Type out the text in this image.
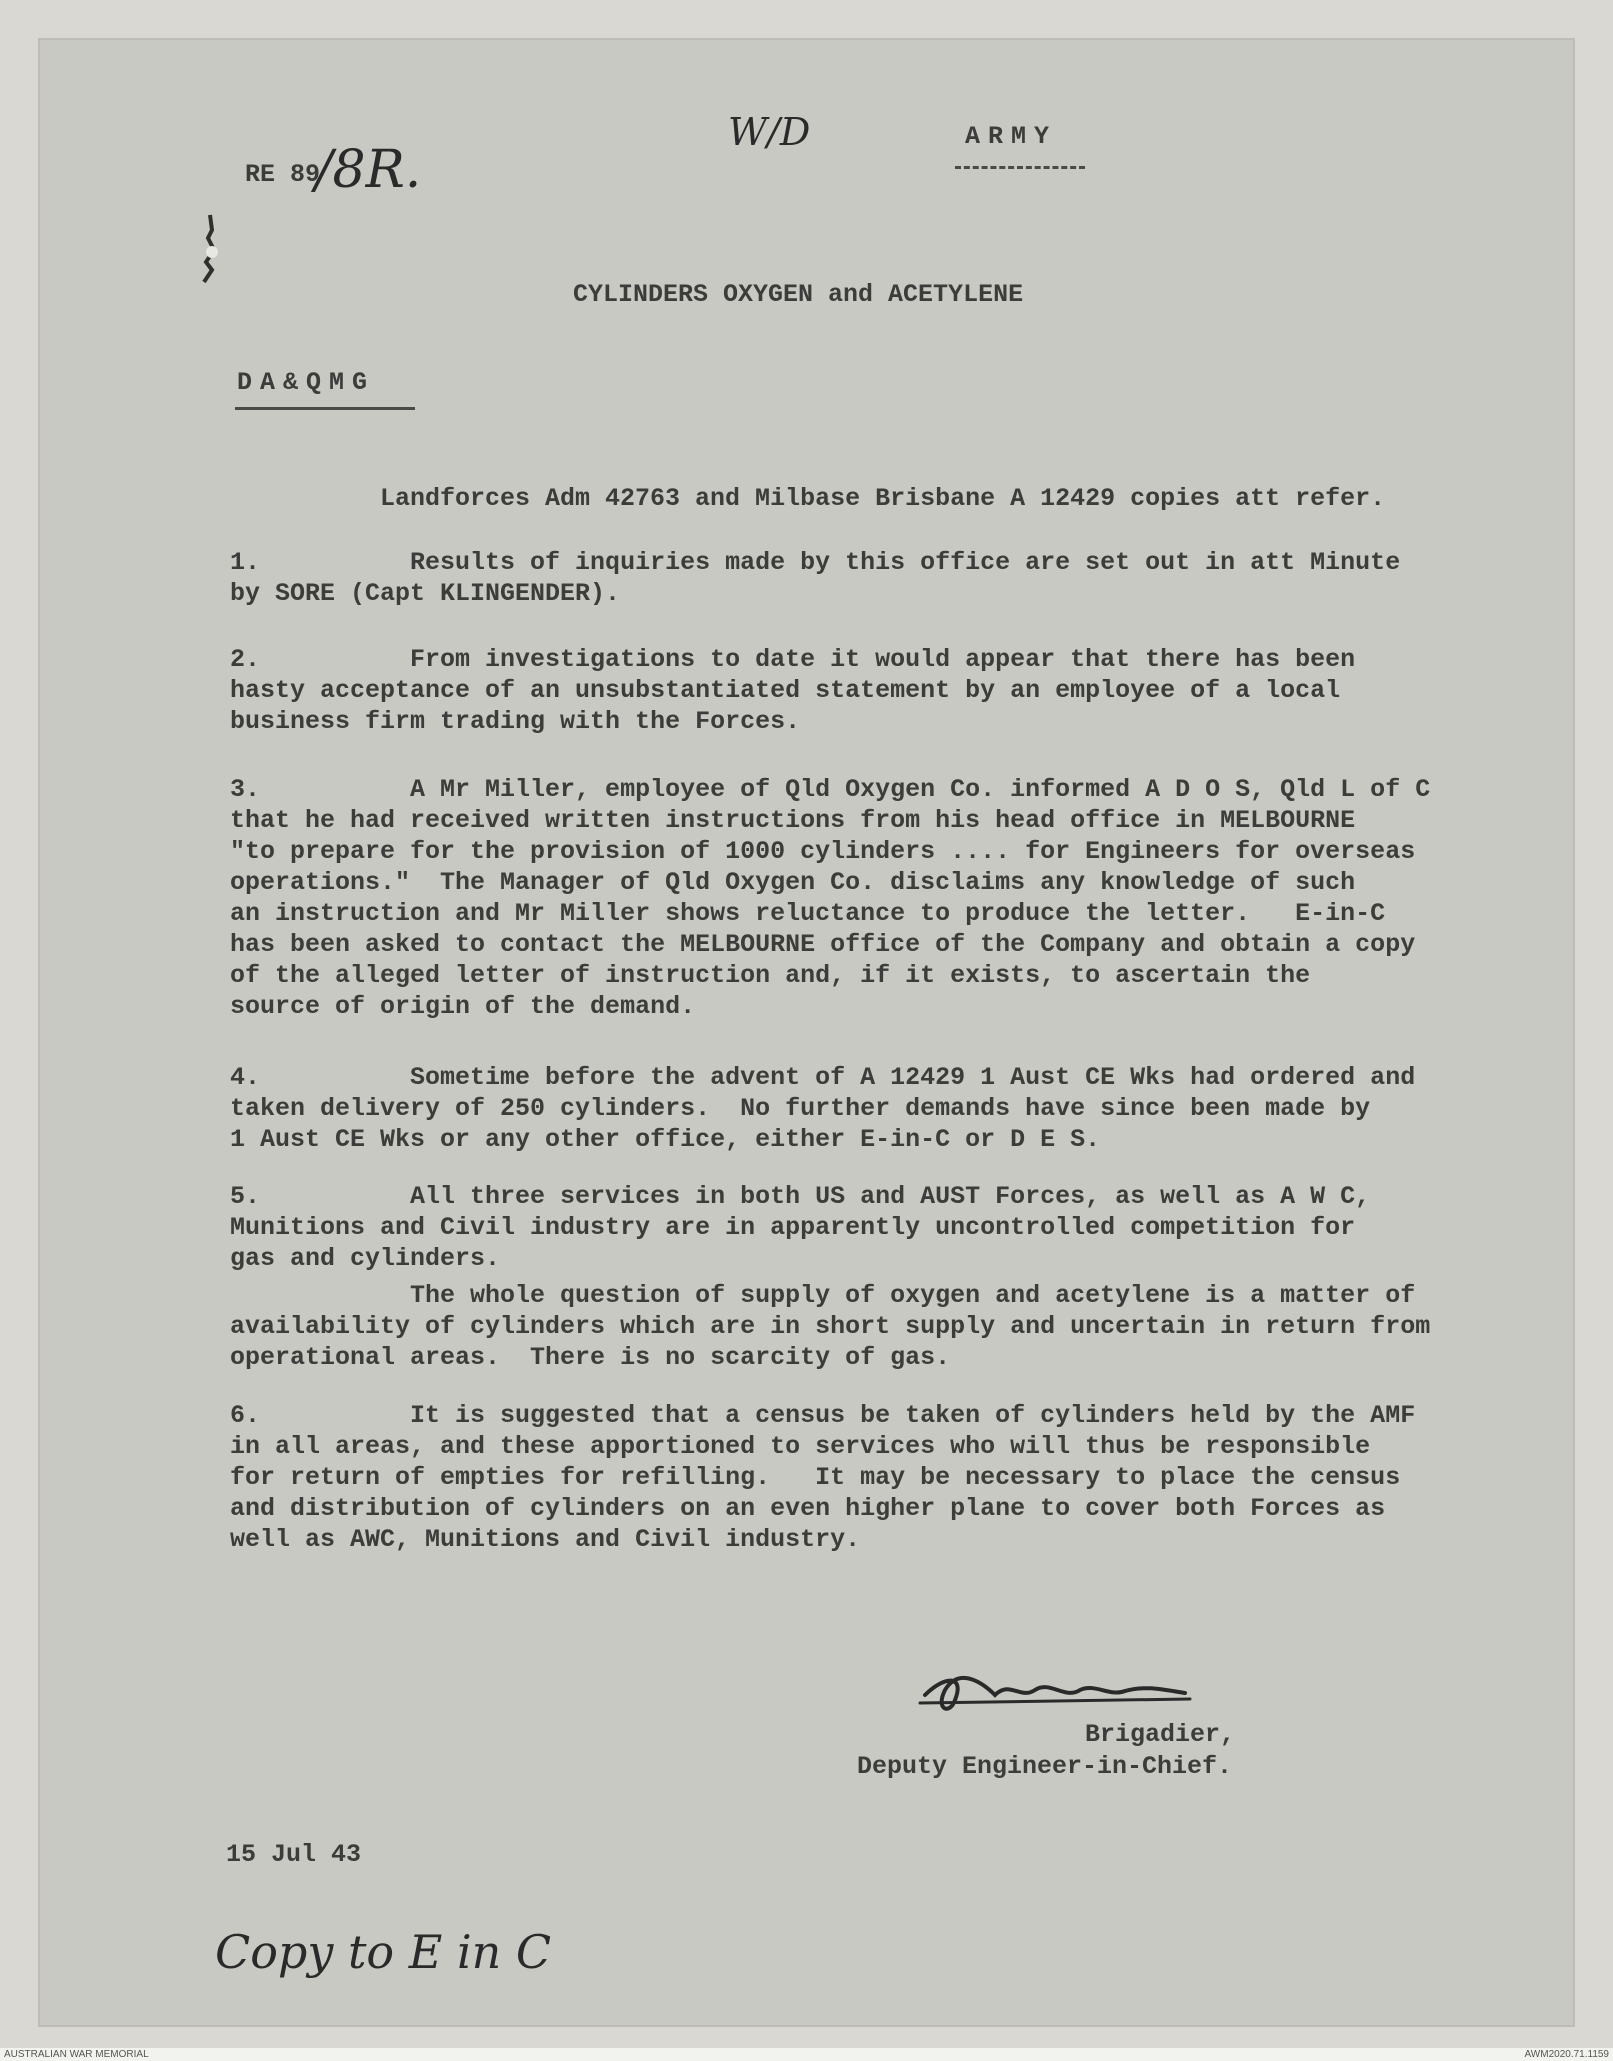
RE 89
/8R.
W/D	ARMY
CYLINDERS OXYGEN and ACETYLENE
DA&QMG

Landforces Adm 42763 and Milbase Brisbane A 12429 copies att refer.

1.          Results of inquiries made by this office are set out in att Minute
by SORE (Capt KLINGENDER).

2.          From investigations to date it would appear that there has been
hasty acceptance of an unsubstantiated statement by an employee of a local
business firm trading with the Forces.

3.          A Mr Miller, employee of Qld Oxygen Co. informed A D O S, Qld L of C
that he had received written instructions from his head office in MELBOURNE
"to prepare for the provision of 1000 cylinders .... for Engineers for overseas
operations."  The Manager of Qld Oxygen Co. disclaims any knowledge of such
an instruction and Mr Miller shows reluctance to produce the letter.   E-in-C
has been asked to contact the MELBOURNE office of the Company and obtain a copy
of the alleged letter of instruction and, if it exists, to ascertain the
source of origin of the demand.

4.          Sometime before the advent of A 12429 1 Aust CE Wks had ordered and
taken delivery of 250 cylinders.  No further demands have since been made by
1 Aust CE Wks or any other office, either E-in-C or D E S.

5.          All three services in both US and AUST Forces, as well as A W C,
Munitions and Civil industry are in apparently uncontrolled competition for
gas and cylinders.

The whole question of supply of oxygen and acetylene is a matter of
availability of cylinders which are in short supply and uncertain in return from
operational areas.  There is no scarcity of gas.

6.          It is suggested that a census be taken of cylinders held by the AMF
in all areas, and these apportioned to services who will thus be responsible
for return of empties for refilling.   It may be necessary to place the census
and distribution of cylinders on an even higher plane to cover both Forces as
well as AWC, Munitions and Civil industry.

Brigadier,
Deputy Engineer-in-Chief.
15 Jul 43
Copy to E in C
AUSTRALIAN WAR MEMORIAL	AWM2020.71.1159
